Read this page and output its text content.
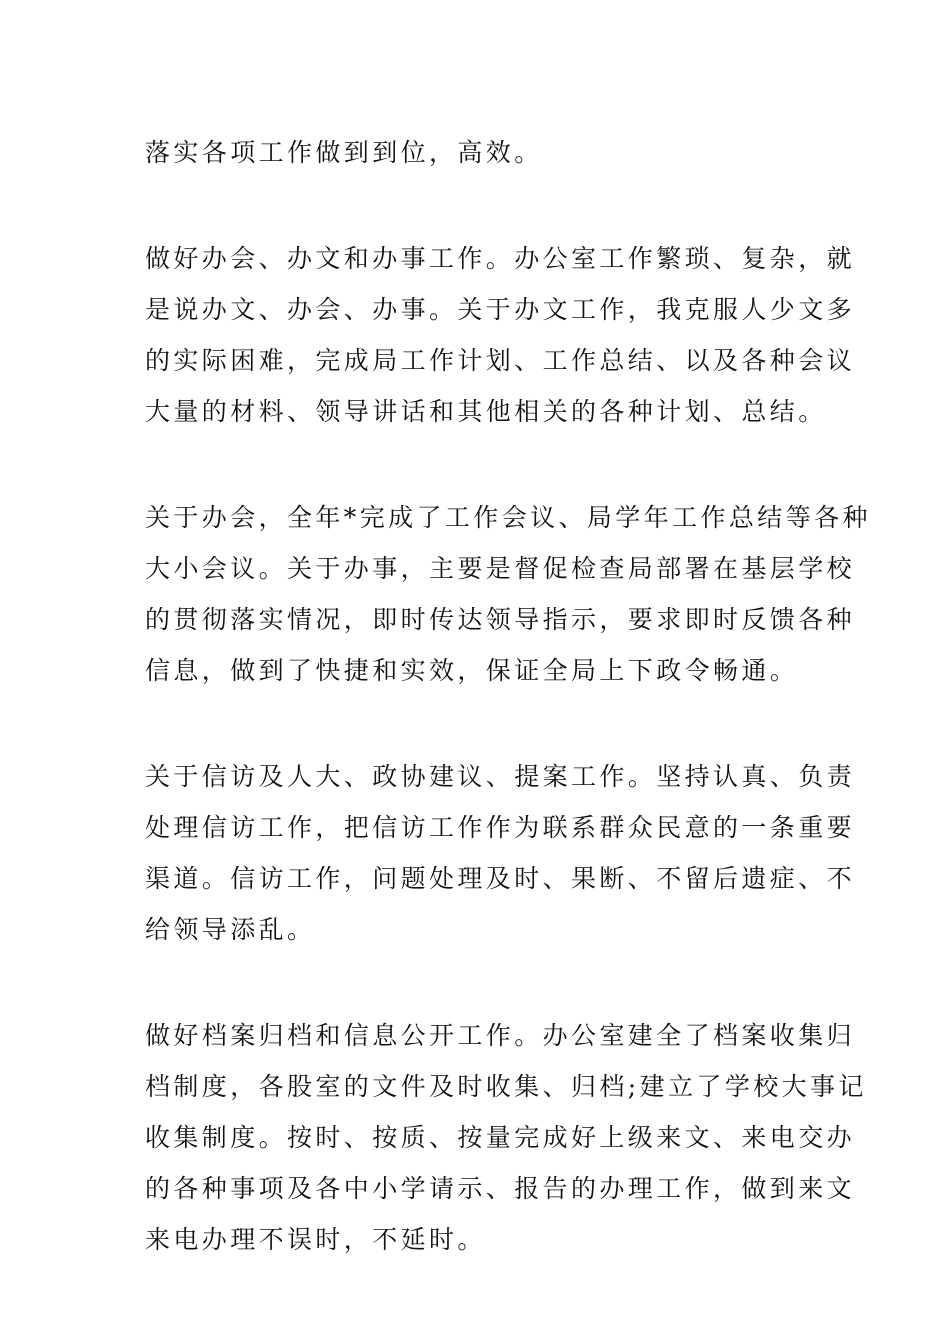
落实各项工作做到到位，高效。
做好办会、办文和办事工作。办公室工作繁琐、复杂，就
是说办文、办会、办事。关于办文工作，我克服人少文多
的实际困难，完成局工作计划、工作总结、以及各种会议
大量的材料、领导讲话和其他相关的各种计划、总结。
关于办会，全年*完成了工作会议、局学年工作总结等各种
大小会议。关于办事，主要是督促检查局部署在基层学校
的贯彻落实情况，即时传达领导指示，要求即时反馈各种
信息，做到了快捷和实效，保证全局上下政令畅通。
关于信访及人大、政协建议、提案工作。坚持认真、负责
处理信访工作，把信访工作作为联系群众民意的一条重要
渠道。信访工作，问题处理及时、果断、不留后遗症、不
给领导添乱。
做好档案归档和信息公开工作。办公室建全了档案收集归
档制度，各股室的文件及时收集、归档;建立了学校大事记
收集制度。按时、按质、按量完成好上级来文、来电交办
的各种事项及各中小学请示、报告的办理工作，做到来文
来电办理不误时，不延时。
